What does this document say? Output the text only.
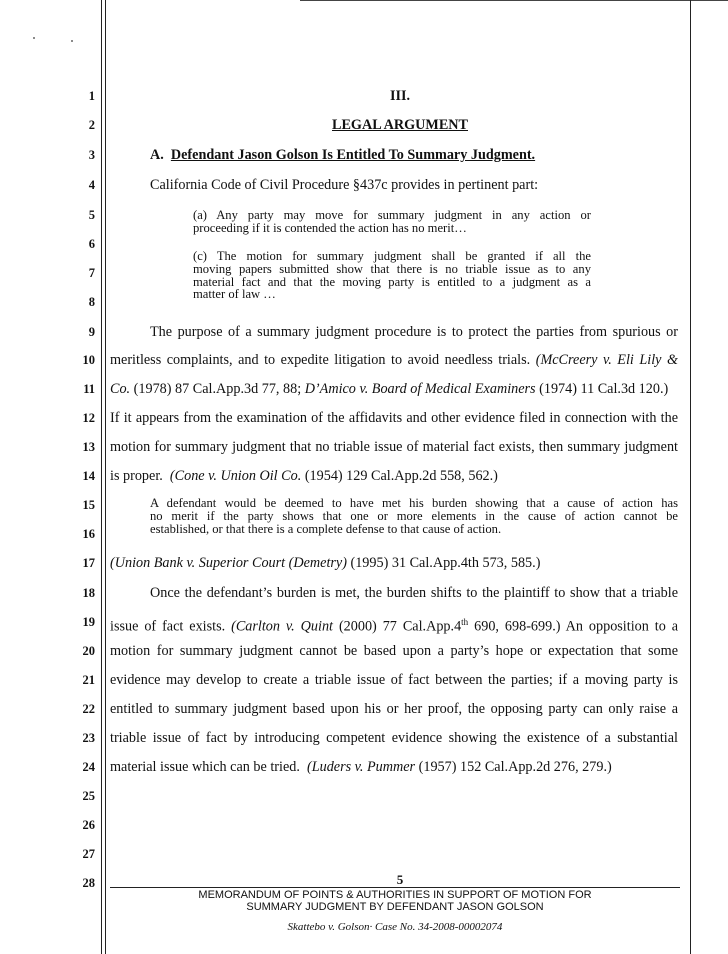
1
2
3
4
5
6
7
8
9
10
11
12
13
14
15
16
17
18
19
20
21
22
23
24
25
26
27
28
III.
LEGAL ARGUMENT
A. Defendant Jason Golson Is Entitled To Summary Judgment.
California Code of Civil Procedure §437c provides in pertinent part:
(a) Any party may move for summary judgment in any action or
proceeding if it is contended the action has no merit…
(c) The motion for summary judgment shall be granted if all the
moving papers submitted show that there is no triable issue as to any
material fact and that the moving party is entitled to a judgment as a
matter of law …
The purpose of a summary judgment procedure is to protect the parties from spurious or
meritless complaints, and to expedite litigation to avoid needless trials. (McCreery v. Eli Lily &
Co. (1978) 87 Cal.App.3d 77, 88; D’Amico v. Board of Medical Examiners (1974) 11 Cal.3d 120.)
If it appears from the examination of the affidavits and other evidence filed in connection with the
motion for summary judgment that no triable issue of material fact exists, then summary judgment
is proper. (Cone v. Union Oil Co. (1954) 129 Cal.App.2d 558, 562.)
A defendant would be deemed to have met his burden showing that a cause of action has
no merit if the party shows that one or more elements in the cause of action cannot be
established, or that there is a complete defense to that cause of action.
(Union Bank v. Superior Court (Demetry) (1995) 31 Cal.App.4th 573, 585.)
Once the defendant’s burden is met, the burden shifts to the plaintiff to show that a triable
issue of fact exists. (Carlton v. Quint (2000) 77 Cal.App.4th 690, 698-699.) An opposition to a
motion for summary judgment cannot be based upon a party’s hope or expectation that some
evidence may develop to create a triable issue of fact between the parties; if a moving party is
entitled to summary judgment based upon his or her proof, the opposing party can only raise a
triable issue of fact by introducing competent evidence showing the existence of a substantial
material issue which can be tried. (Luders v. Pummer (1957) 152 Cal.App.2d 276, 279.)
5
MEMORANDUM OF POINTS & AUTHORITIES IN SUPPORT OF MOTION FOR
SUMMARY JUDGMENT BY DEFENDANT JASON GOLSON
Skattebo v. Golson· Case No. 34-2008-00002074
